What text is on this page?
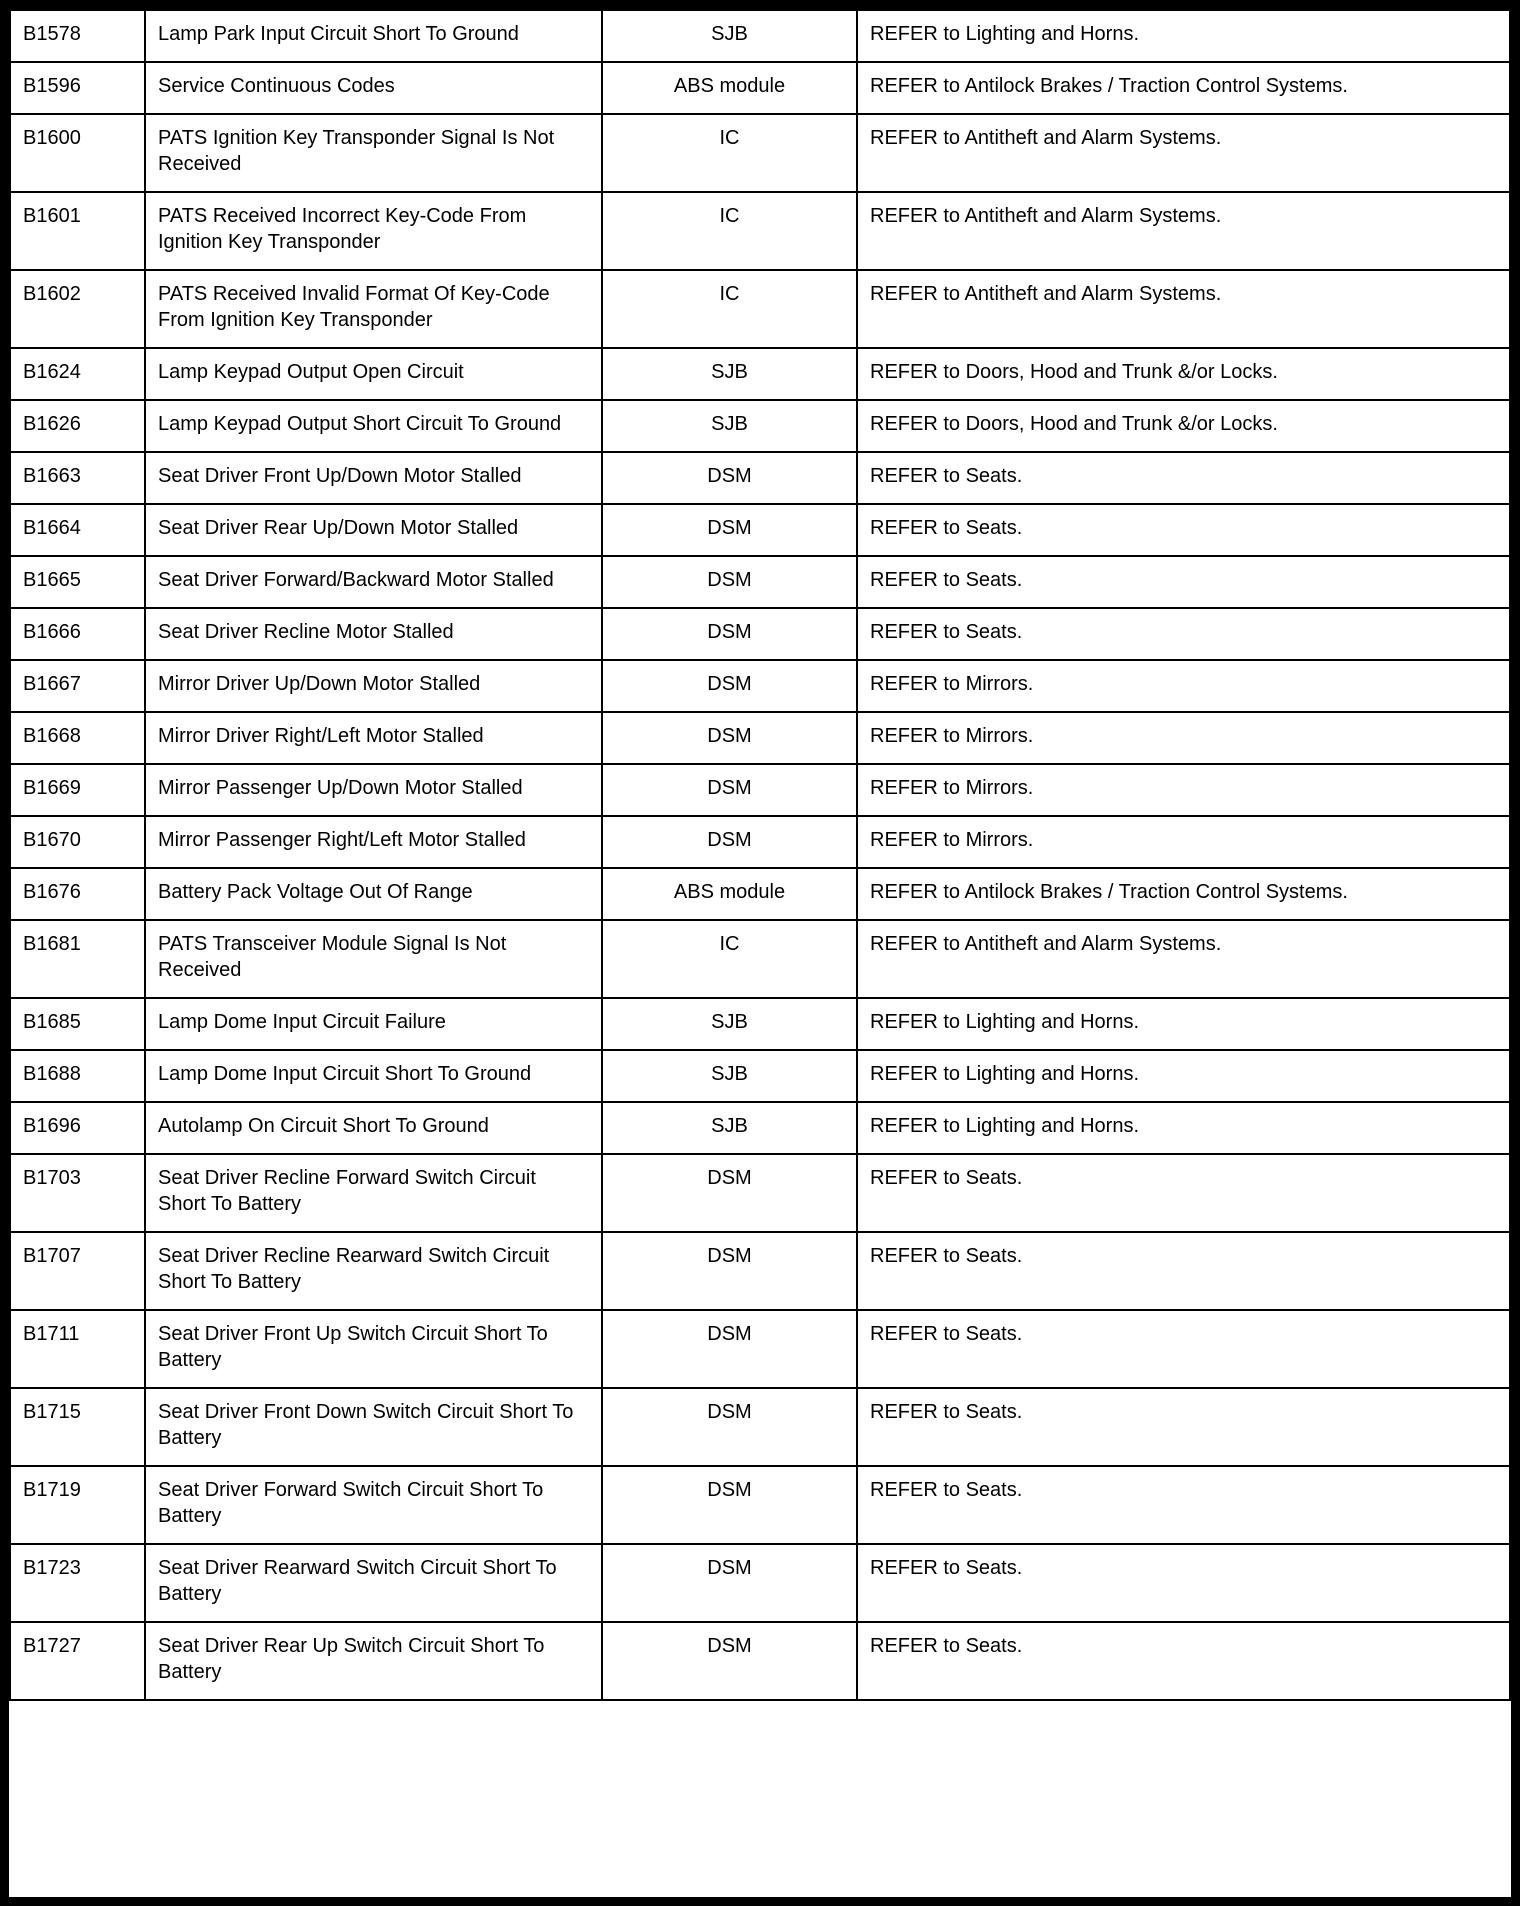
B1578	Lamp Park Input Circuit Short To Ground	SJB	REFER to Lighting and Horns.
B1596	Service Continuous Codes	ABS module	REFER to Antilock Brakes / Traction Control Systems.
B1600	PATS Ignition Key Transponder Signal Is Not Received	IC	REFER to Antitheft and Alarm Systems.
B1601	PATS Received Incorrect Key-Code From Ignition Key Transponder	IC	REFER to Antitheft and Alarm Systems.
B1602	PATS Received Invalid Format Of Key-Code From Ignition Key Transponder	IC	REFER to Antitheft and Alarm Systems.
B1624	Lamp Keypad Output Open Circuit	SJB	REFER to Doors, Hood and Trunk &/or Locks.
B1626	Lamp Keypad Output Short Circuit To Ground	SJB	REFER to Doors, Hood and Trunk &/or Locks.
B1663	Seat Driver Front Up/Down Motor Stalled	DSM	REFER to Seats.
B1664	Seat Driver Rear Up/Down Motor Stalled	DSM	REFER to Seats.
B1665	Seat Driver Forward/Backward Motor Stalled	DSM	REFER to Seats.
B1666	Seat Driver Recline Motor Stalled	DSM	REFER to Seats.
B1667	Mirror Driver Up/Down Motor Stalled	DSM	REFER to Mirrors.
B1668	Mirror Driver Right/Left Motor Stalled	DSM	REFER to Mirrors.
B1669	Mirror Passenger Up/Down Motor Stalled	DSM	REFER to Mirrors.
B1670	Mirror Passenger Right/Left Motor Stalled	DSM	REFER to Mirrors.
B1676	Battery Pack Voltage Out Of Range	ABS module	REFER to Antilock Brakes / Traction Control Systems.
B1681	PATS Transceiver Module Signal Is Not Received	IC	REFER to Antitheft and Alarm Systems.
B1685	Lamp Dome Input Circuit Failure	SJB	REFER to Lighting and Horns.
B1688	Lamp Dome Input Circuit Short To Ground	SJB	REFER to Lighting and Horns.
B1696	Autolamp On Circuit Short To Ground	SJB	REFER to Lighting and Horns.
B1703	Seat Driver Recline Forward Switch Circuit Short To Battery	DSM	REFER to Seats.
B1707	Seat Driver Recline Rearward Switch Circuit Short To Battery	DSM	REFER to Seats.
B1711	Seat Driver Front Up Switch Circuit Short To Battery	DSM	REFER to Seats.
B1715	Seat Driver Front Down Switch Circuit Short To Battery	DSM	REFER to Seats.
B1719	Seat Driver Forward Switch Circuit Short To Battery	DSM	REFER to Seats.
B1723	Seat Driver Rearward Switch Circuit Short To Battery	DSM	REFER to Seats.
B1727	Seat Driver Rear Up Switch Circuit Short To Battery	DSM	REFER to Seats.
